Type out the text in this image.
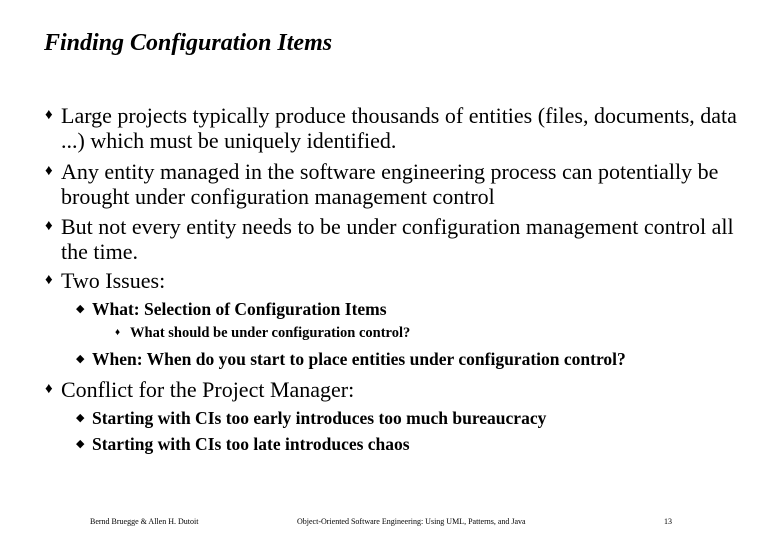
Finding Configuration Items
♦ Large projects typically produce thousands of entities (files, documents, data ...) which must be uniquely identified.
♦ Any entity managed in the software engineering process can potentially be brought under configuration management control
♦ But not every entity needs to be under configuration management control all the time.
♦ Two Issues:
◆ What: Selection of Configuration Items
♦ What should be under configuration control?
◆ When: When do you start to place entities under configuration control?
♦ Conflict for the Project Manager:
◆ Starting with CIs too early introduces too much bureaucracy
◆ Starting with CIs too late introduces chaos
Bernd Bruegge & Allen H. Dutoit	Object-Oriented Software Engineering: Using UML, Patterns, and Java	13
